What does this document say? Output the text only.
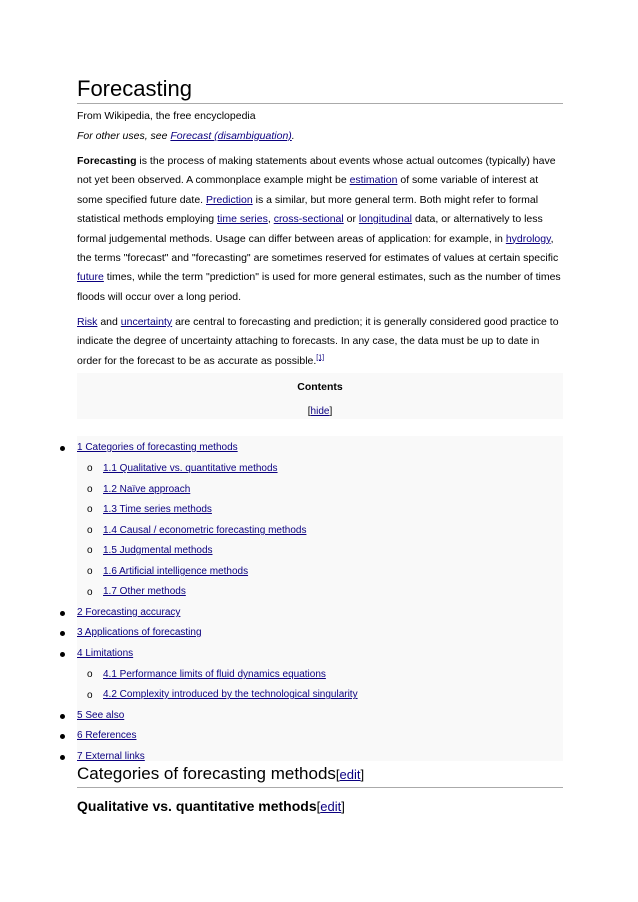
Forecasting
From Wikipedia, the free encyclopedia
For other uses, see Forecast (disambiguation).

Forecasting is the process of making statements about events whose actual outcomes (typically) have not yet been observed. A commonplace example might be estimation of some variable of interest at some specified future date. Prediction is a similar, but more general term. Both might refer to formal statistical methods employing time series, cross-sectional or longitudinal data, or alternatively to less formal judgemental methods. Usage can differ between areas of application: for example, in hydrology, the terms "forecast" and "forecasting" are sometimes reserved for estimates of values at certain specific future times, while the term "prediction" is used for more general estimates, such as the number of times floods will occur over a long period.

Risk and uncertainty are central to forecasting and prediction; it is generally considered good practice to indicate the degree of uncertainty attaching to forecasts. In any case, the data must be up to date in order for the forecast to be as accurate as possible.[1]

Contents
[hide]
1 Categories of forecasting methods
o 1.1 Qualitative vs. quantitative methods
o 1.2 Naïve approach
o 1.3 Time series methods
o 1.4 Causal / econometric forecasting methods
o 1.5 Judgmental methods
o 1.6 Artificial intelligence methods
o 1.7 Other methods
2 Forecasting accuracy
3 Applications of forecasting
4 Limitations
o 4.1 Performance limits of fluid dynamics equations
o 4.2 Complexity introduced by the technological singularity
5 See also
6 References
7 External links
Categories of forecasting methods[edit]
Qualitative vs. quantitative methods[edit]
